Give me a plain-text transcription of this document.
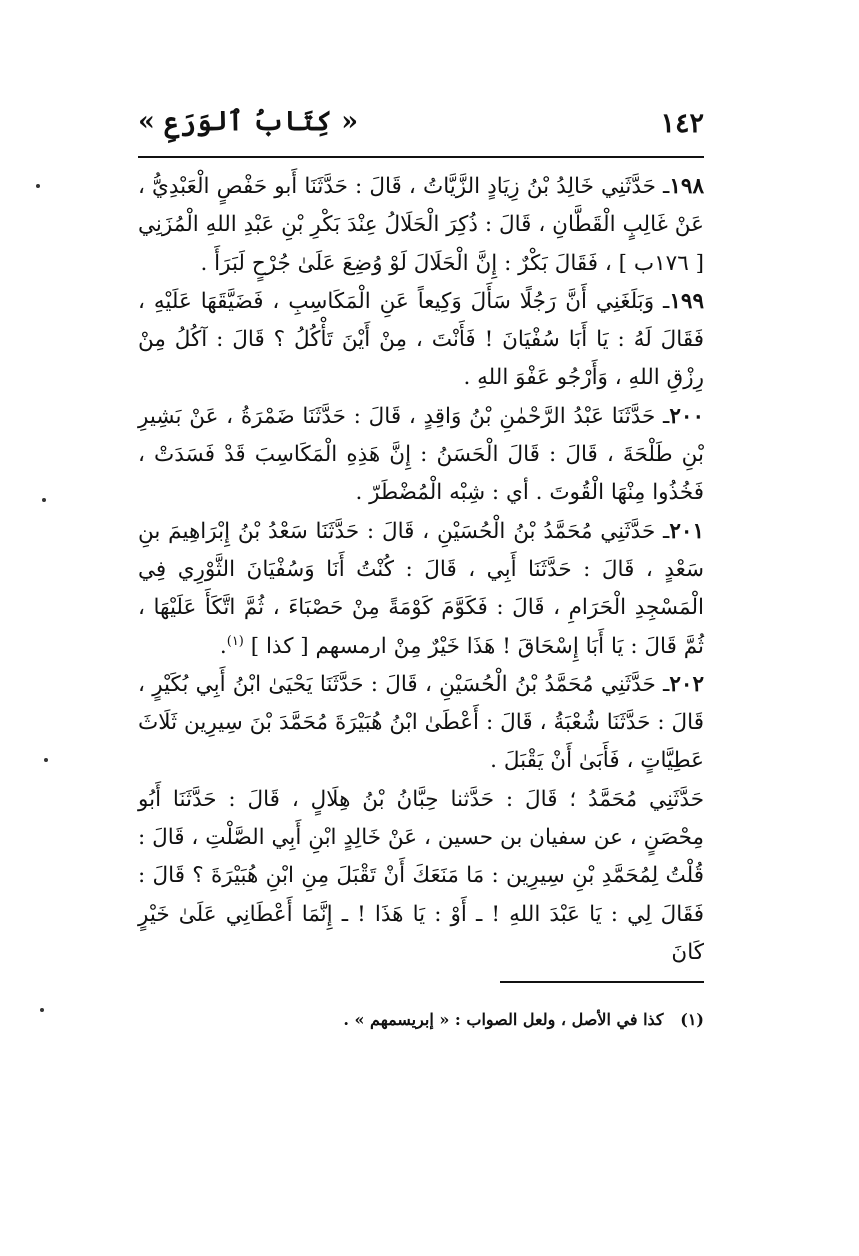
١٤٢
« كِتَابُ ٱلوَرَعِ »

١٩٨ـ حَدَّثَنِي خَالِدُ بْنُ زِيَادٍ الزَّيَّاتُ ، قَالَ : حَدَّثَنَا أَبو حَفْصٍ الْعَبْدِيُّ ، عَنْ غَالِبٍ الْقَطَّانِ ، قَالَ : ذُكِرَ الْحَلَالُ عِنْدَ بَكْرِ بْنِ عَبْدِ اللهِ الْمُزَنِي [ ١٧٦ب ] ، فَقَالَ بَكْرٌ : إِنَّ الْحَلَالَ لَوْ وُضِعَ عَلَىٰ جُرْحٍ لَبَرَأَ .

١٩٩ـ وَبَلَغَنِي أَنَّ رَجُلًا سَأَلَ وَكِيعاً عَنِ الْمَكَاسِبِ ، فَضَيَّقَهَا عَلَيْهِ ، فَقَالَ لَهُ : يَا أَبَا سُفْيَانَ ! فَأَنْتَ ، مِنْ أَيْنَ تَأْكُلُ ؟ قَالَ : آكُلُ مِنْ رِزْقِ اللهِ ، وَأَرْجُو عَفْوَ اللهِ .

٢٠٠ـ حَدَّثَنَا عَبْدُ الرَّحْمٰنِ بْنُ وَاقِدٍ ، قَالَ : حَدَّثَنَا ضَمْرَةُ ، عَنْ بَشِيرِ بْنِ طَلْحَةَ ، قَالَ : قَالَ الْحَسَنُ : إِنَّ هَذِهِ الْمَكَاسِبَ قَدْ فَسَدَتْ ، فَخُذُوا مِنْهَا الْقُوتَ . أي : شِبْه الْمُضْطَرّ .

٢٠١ـ حَدَّثَنِي مُحَمَّدُ بْنُ الْحُسَيْنِ ، قَالَ : حَدَّثَنَا سَعْدُ بْنُ إِبْرَاهِيمَ بنِ سَعْدٍ ، قَالَ : حَدَّثَنَا أَبِي ، قَالَ : كُنْتُ أَنَا وَسُفْيَانَ الثَّوْرِي فِي الْمَسْجِدِ الْحَرَامِ ، قَالَ : فَكَوَّمَ كَوْمَةً مِنْ حَصْبَاءَ ، ثُمَّ اتَّكَأَ عَلَيْهَا ، ثُمَّ قَالَ : يَا أَبَا إِسْحَاقَ ! هَذَا خَيْرٌ مِنْ ارمسهم [ كذا ] $^{(١)}$.

٢٠٢ـ حَدَّثَنِي مُحَمَّدُ بْنُ الْحُسَيْنِ ، قَالَ : حَدَّثَنَا يَحْيَىٰ ابْنُ أَبِي بُكَيْرٍ ، قَالَ : حَدَّثَنَا شُعْبَةُ ، قَالَ : أَعْطَىٰ ابْنُ هُبَيْرَةَ مُحَمَّدَ بْنَ سِيرِين ثَلَاثَ عَطِيَّاتٍ ، فَأَبَىٰ أَنْ يَقْبَلَ .

حَدَّثَنِي مُحَمَّدُ ؛ قَالَ : حَدَّثنا حِبَّانُ بْنُ هِلَالٍ ، قَالَ : حَدَّثَنَا أَبُو مِحْصَنٍ ، عن سفيان بن حسين ، عَنْ خَالِدٍ ابْنِ أَبِي الصَّلْتِ ، قَالَ : قُلْتُ لِمُحَمَّدِ بْنِ سِيرِين : مَا مَنَعَكَ أَنْ تَقْبَلَ مِنِ ابْنِ هُبَيْرَةَ ؟ قَالَ : فَقَالَ لِي : يَا عَبْدَ اللهِ ! ـ أَوْ : يَا هَذَا ! ـ إِنَّمَا أَعْطَانِي عَلَىٰ خَيْرٍ كَانَ

(١)   كذا في الأصل ، ولعل الصواب : « إبريسمهم » .
